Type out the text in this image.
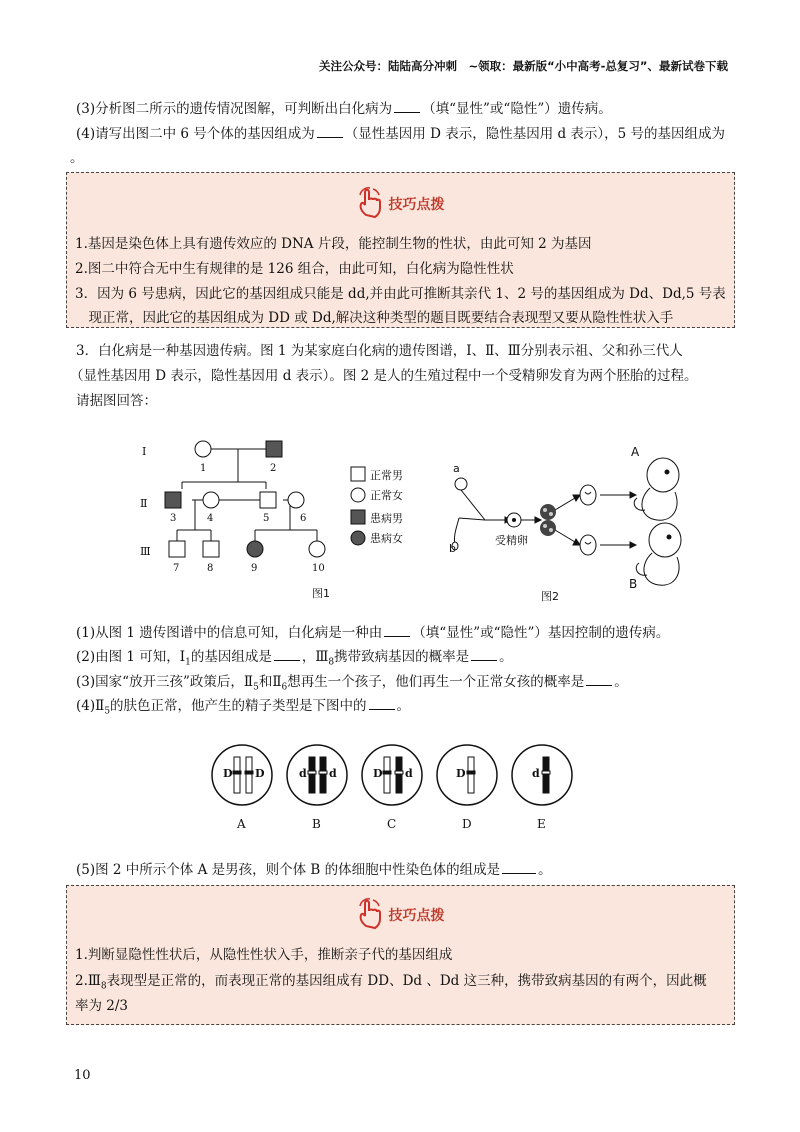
关注公众号：陆陆高分冲刺　~领取：最新版“小中高考-总复习”、最新试卷下载
(3)分析图二所示的遗传情况图解，可判断出白化病为 （填“显性”或“隐性”）遗传病。
(4)请写出图二中 6 号个体的基因组成为 （显性基因用 D 表示，隐性基因用 d 表示），5 号的基因组成为
。
技巧点拨
1.基因是染色体上具有遗传效应的 DNA 片段，能控制生物的性状，由此可知 2 为基因
2.图二中符合无中生有规律的是 126 组合，由此可知，白化病为隐性性状
3．因为 6 号患病，因此它的基因组成只能是 dd,并由此可推断其亲代 1、2 号的基因组成为 Dd、Dd,5 号表
　现正常，因此它的基因组成为 DD 或 Dd,解决这种类型的题目既要结合表现型又要从隐性性状入手
3．白化病是一种基因遗传病。图 1 为某家庭白化病的遗传图谱，Ⅰ、Ⅱ、Ⅲ分别表示祖、父和孙三代人
（显性基因用 D 表示，隐性基因用 d 表示）。图 2 是人的生殖过程中一个受精卵发育为两个胚胎的过程。
请据图回答：
Ⅰ
Ⅱ
Ⅲ
1	2
3	4	5	6
7	8	9	10
正常男
正常女
患病男
患病女
图1
a
b
受精卵
A
B
图2
(1)从图 1 遗传图谱中的信息可知，白化病是一种由 （填“显性”或“隐性”）基因控制的遗传病。
(2)由图 1 可知，$Ⅰ_1$的基因组成是 ，$Ⅲ_8$携带致病基因的概率是 。
(3)国家“放开三孩”政策后，$Ⅱ_5$和$Ⅱ_6$想再生一个孩子，他们再生一个正常女孩的概率是 。
$(4)Ⅱ_5$的肤色正常，他产生的精子类型是下图中的 。
D D	d d	D d	D	d
A	B	C	D	E
(5)图 2 中所示个体 A 是男孩，则个体 B 的体细胞中性染色体的组成是	。
技巧点拨
1.判断显隐性性状后，从隐性性状入手，推断亲子代的基因组成
$2.Ⅲ_8$表现型是正常的，而表现正常的基因组成有 DD、Dd 、Dd 这三种，携带致病基因的有两个，因此概
率为 2/3
10
